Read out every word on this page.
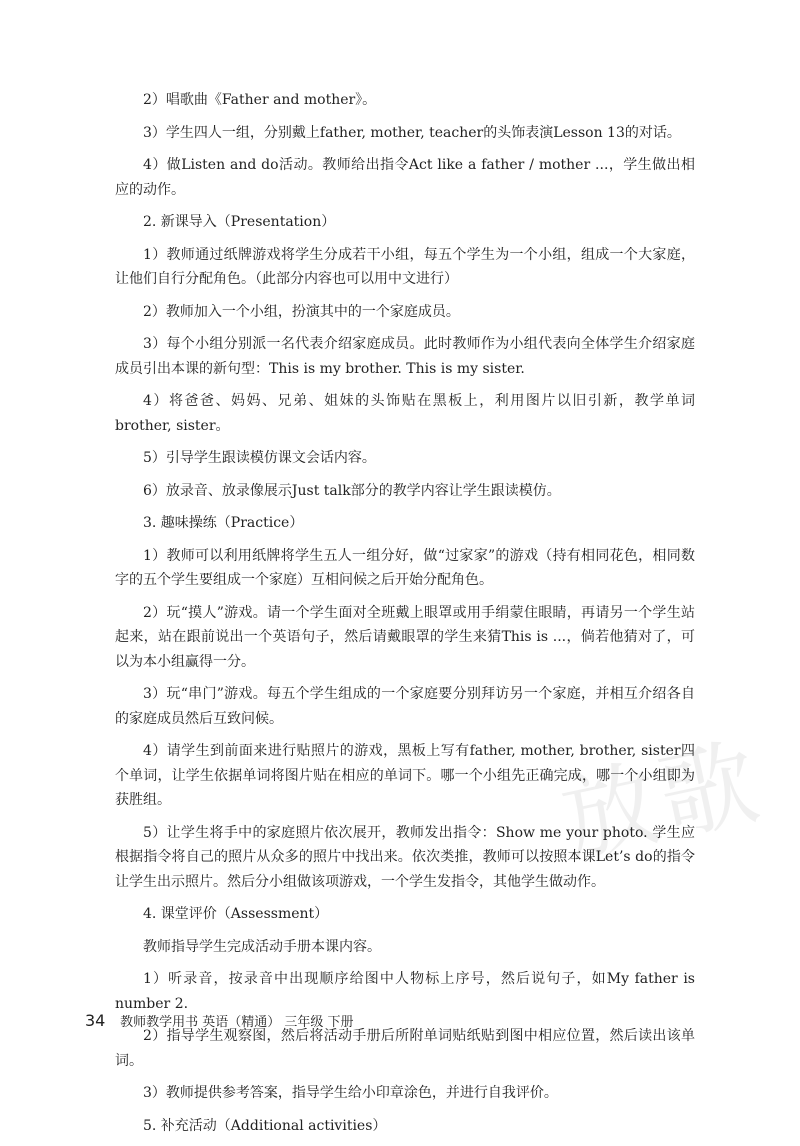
放歌

2）唱歌曲《Father and mother》。

3）学生四人一组，分别戴上father, mother, teacher的头饰表演Lesson 13的对话。

4）做Listen and do活动。教师给出指令Act like a father / mother ...，学生做出相应的动作。

2. 新课导入（Presentation）

1）教师通过纸牌游戏将学生分成若干小组，每五个学生为一个小组，组成一个大家庭，让他们自行分配角色。（此部分内容也可以用中文进行）

2）教师加入一个小组，扮演其中的一个家庭成员。

3）每个小组分别派一名代表介绍家庭成员。此时教师作为小组代表向全体学生介绍家庭成员引出本课的新句型：This is my brother. This is my sister.

4）将爸爸、妈妈、兄弟、姐妹的头饰贴在黑板上，利用图片以旧引新，教学单词brother, sister。

5）引导学生跟读模仿课文会话内容。

6）放录音、放录像展示Just talk部分的教学内容让学生跟读模仿。

3. 趣味操练（Practice）

1）教师可以利用纸牌将学生五人一组分好，做“过家家”的游戏（持有相同花色，相同数字的五个学生要组成一个家庭）互相问候之后开始分配角色。

2）玩“摸人”游戏。请一个学生面对全班戴上眼罩或用手绢蒙住眼睛，再请另一个学生站起来，站在跟前说出一个英语句子，然后请戴眼罩的学生来猜This is ...，倘若他猜对了，可以为本小组赢得一分。

3）玩“串门”游戏。每五个学生组成的一个家庭要分别拜访另一个家庭，并相互介绍各自的家庭成员然后互致问候。

4）请学生到前面来进行贴照片的游戏，黑板上写有father, mother, brother, sister四个单词，让学生依据单词将图片贴在相应的单词下。哪一个小组先正确完成，哪一个小组即为获胜组。

5）让学生将手中的家庭照片依次展开，教师发出指令：Show me your photo. 学生应根据指令将自己的照片从众多的照片中找出来。依次类推，教师可以按照本课Let’s do的指令让学生出示照片。然后分小组做该项游戏，一个学生发指令，其他学生做动作。

4. 课堂评价（Assessment）

教师指导学生完成活动手册本课内容。

1）听录音，按录音中出现顺序给图中人物标上序号，然后说句子，如My father is number 2.

2）指导学生观察图，然后将活动手册后所附单词贴纸贴到图中相应位置，然后读出该单词。

3）教师提供参考答案，指导学生给小印章涂色，并进行自我评价。

5. 补充活动（Additional activities）

34 教师教学用书 英语（精通） 三年级 下册
